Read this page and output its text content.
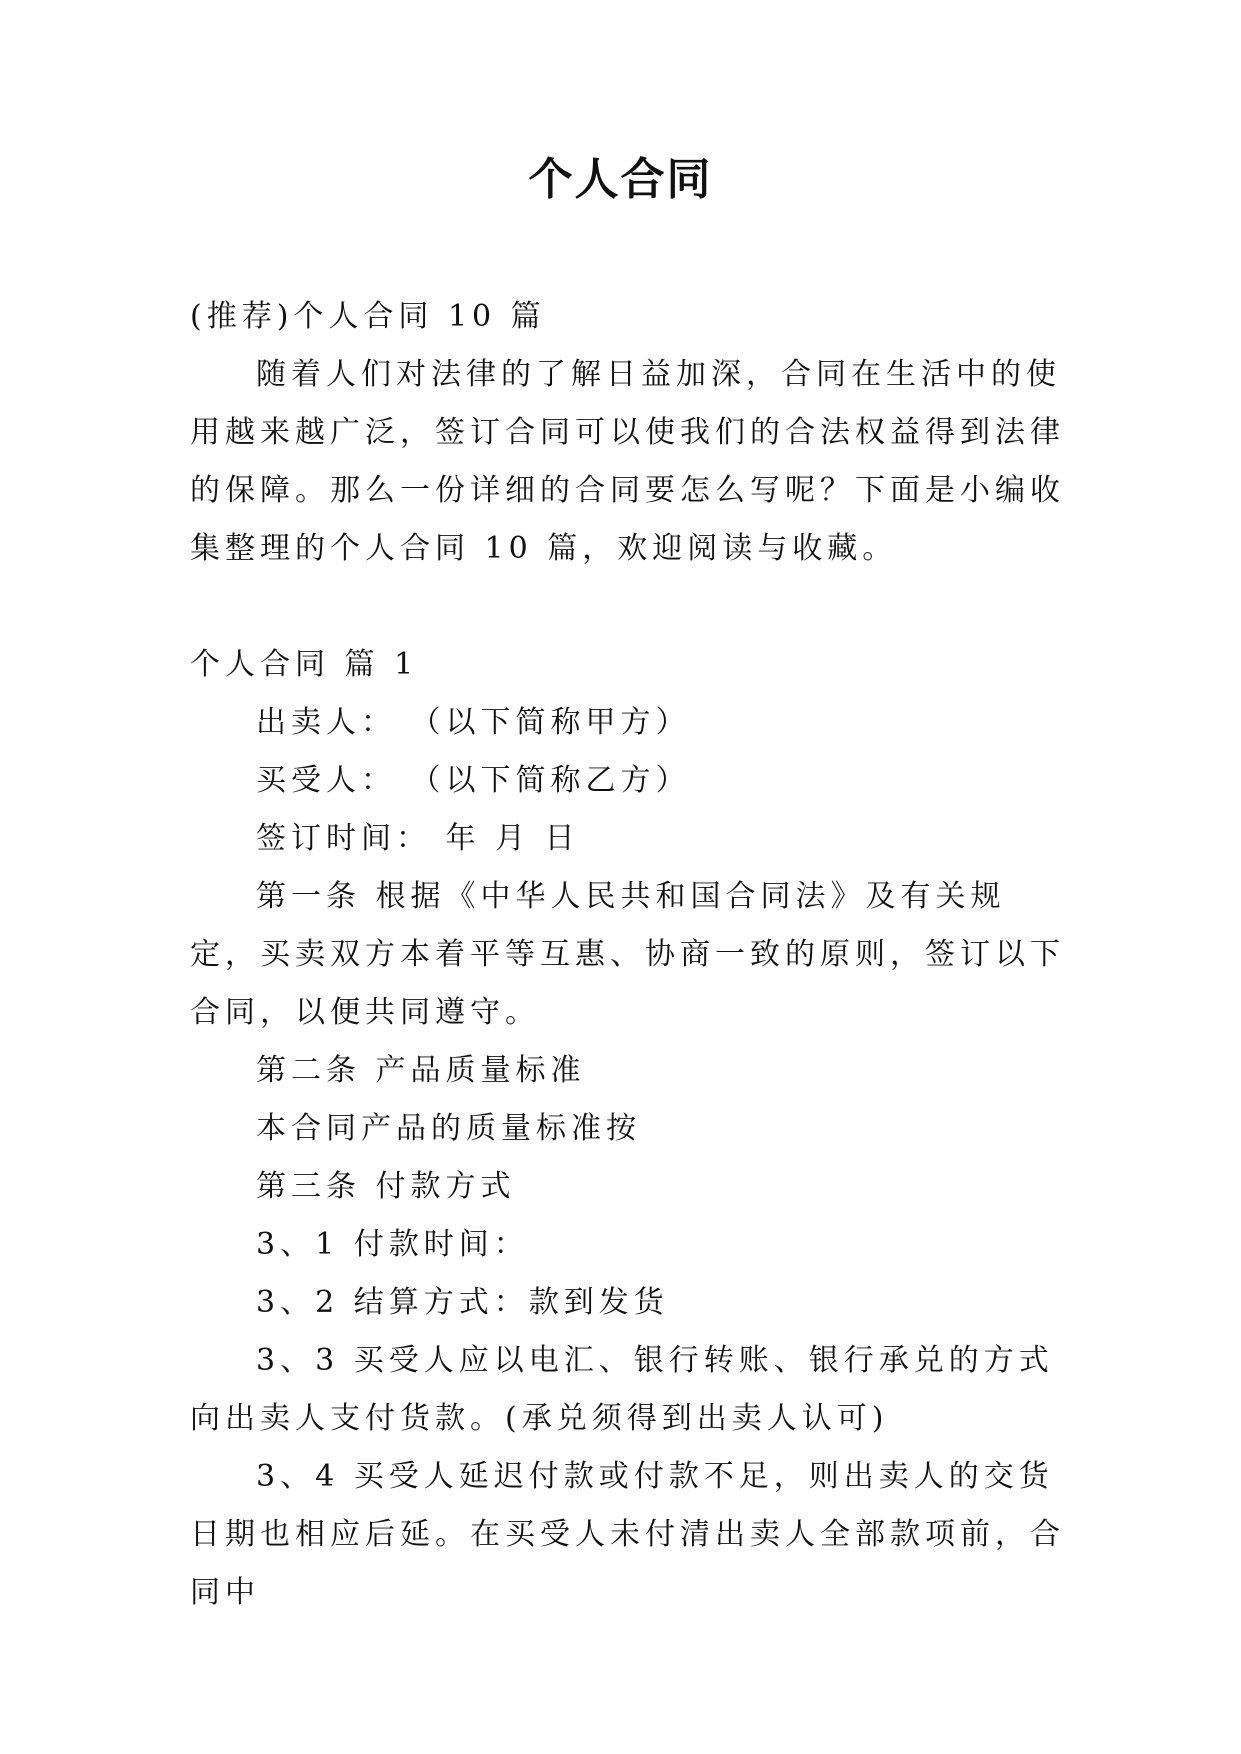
个人合同

(推荐)个人合同 10 篇

随着人们对法律的了解日益加深，合同在生活中的使用越来越广泛，签订合同可以使我们的合法权益得到法律的保障。那么一份详细的合同要怎么写呢？下面是小编收集整理的个人合同 10 篇，欢迎阅读与收藏。

个人合同 篇 1

出卖人： （以下简称甲方）

买受人： （以下简称乙方）

签订时间： 年 月 日

第一条 根据《中华人民共和国合同法》及有关规定，买卖双方本着平等互惠、协商一致的原则，签订以下合同，以便共同遵守。

第二条 产品质量标准

本合同产品的质量标准按

第三条 付款方式

3、1 付款时间：

3、2 结算方式：款到发货

3、3 买受人应以电汇、银行转账、银行承兑的方式向出卖人支付货款。(承兑须得到出卖人认可)

3、4 买受人延迟付款或付款不足，则出卖人的交货日期也相应后延。在买受人未付清出卖人全部款项前，合同中
